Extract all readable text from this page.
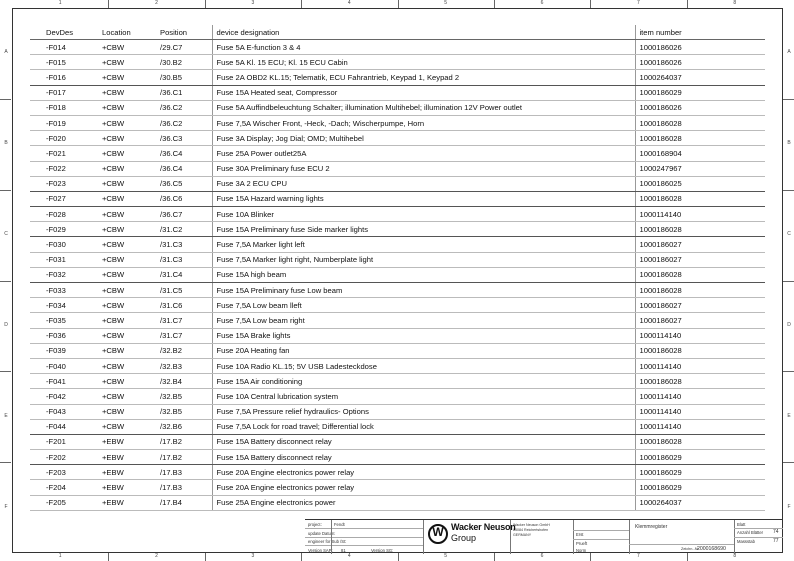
1	2	3	4	5	6	7	8
1	2	3	4	5	6	7	8
A
B
C
D
E
F
A
B
C
D
E
F
DevDes	Location	Position	device designation	item number
-F014	+CBW	/29.C7	Fuse 5A E-function 3 & 4	1000186026
-F015	+CBW	/30.B2	Fuse 5A Kl. 15 ECU; Kl. 15 ECU Cabin	1000186026
-F016	+CBW	/30.B5	Fuse 2A OBD2 KL.15; Telematik, ECU Fahrantrieb, Keypad 1, Keypad 2	1000264037
-F017	+CBW	/36.C1	Fuse 15A Heated seat, Compressor	1000186029
-F018	+CBW	/36.C2	Fuse 5A Auffindbeleuchtung Schalter; illumination Multihebel; illumination 12V Power outlet	1000186026
-F019	+CBW	/36.C2	Fuse 7,5A Wischer Front, -Heck, -Dach; Wischerpumpe, Horn	1000186028
-F020	+CBW	/36.C3	Fuse 3A Display; Jog Dial; OMD; Multihebel	1000186028
-F021	+CBW	/36.C4	Fuse 25A Power outlet25A	1000168904
-F022	+CBW	/36.C4	Fuse 30A Preliminary fuse ECU 2	1000247967
-F023	+CBW	/36.C5	Fuse 3A 2 ECU CPU	1000186025
-F027	+CBW	/36.C6	Fuse 15A Hazard warning lights	1000186028
-F028	+CBW	/36.C7	Fuse 10A Blinker	1000114140
-F029	+CBW	/31.C2	Fuse 15A Preliminary fuse Side marker lights	1000186028
-F030	+CBW	/31.C3	Fuse 7,5A Marker light left	1000186027
-F031	+CBW	/31.C3	Fuse 7,5A Marker light right, Numberplate light	1000186027
-F032	+CBW	/31.C4	Fuse 15A high beam	1000186028
-F033	+CBW	/31.C5	Fuse 15A Preliminary fuse Low beam	1000186028
-F034	+CBW	/31.C6	Fuse 7,5A Low beam lleft	1000186027
-F035	+CBW	/31.C7	Fuse 7,5A Low beam right	1000186027
-F036	+CBW	/31.C7	Fuse 15A Brake lights	1000114140
-F039	+CBW	/32.B2	Fuse 20A Heating fan	1000186028
-F040	+CBW	/32.B3	Fuse 10A Radio KL.15; 5V USB Ladesteckdose	1000114140
-F041	+CBW	/32.B4	Fuse 15A Air conditioning	1000186028
-F042	+CBW	/32.B5	Fuse 10A Central lubrication system	1000114140
-F043	+CBW	/32.B5	Fuse 7,5A Pressure relief hydraulics- Options	1000114140
-F044	+CBW	/32.B6	Fuse 7,5A Lock for road travel; Differential lock	1000114140
-F201	+EBW	/17.B2	Fuse 15A Battery disconnect relay	1000186028
-F202	+EBW	/17.B2	Fuse 15A Battery disconnect relay	1000186029
-F203	+EBW	/17.B3	Fuse 20A Engine electronics power relay	1000186029
-F204	+EBW	/17.B3	Fuse 20A Engine electronics power relay	1000186029
-F205	+EBW	/17.B4	Fuse 25A Engine electronics power	1000264037
project:
update Datum:
engineer for Sub /St:
Version SAP:
Fendt
81	Version SG:
Wacker Neuson GmbH
85084 Reichertshofen
GERMANY	Erst
Prueft
Norm
Klemmregister
Zeichn.-Nr.
2000168690
Blatt
Anzahl Blätter
Massstab
74
77
W Wacker Neuson
Group
